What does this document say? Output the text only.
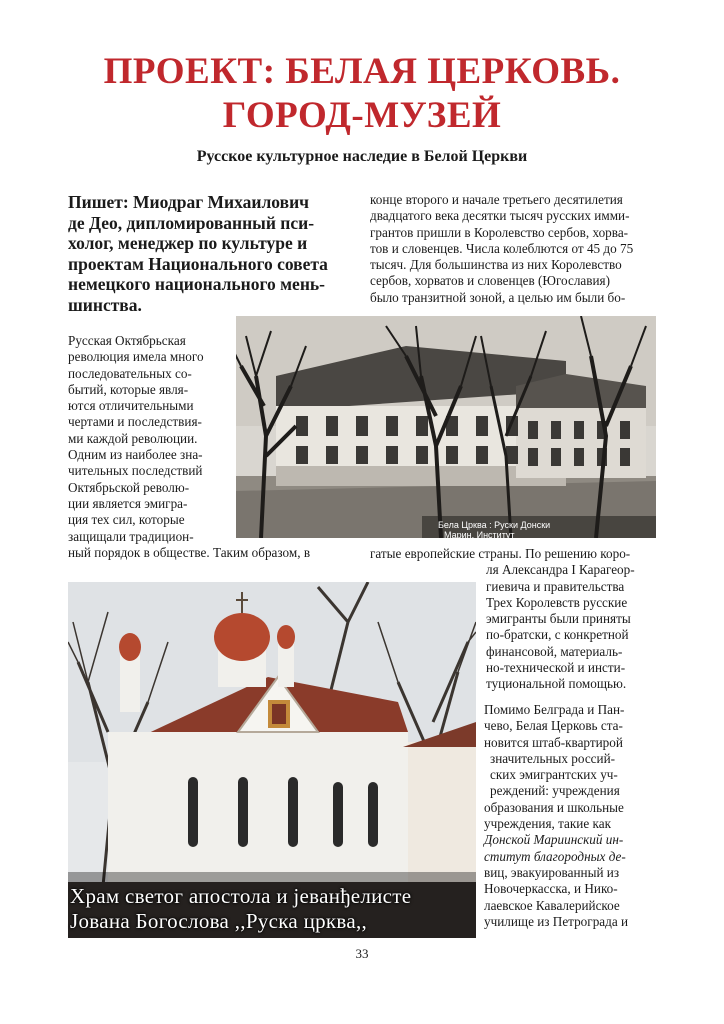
ПРОЕКТ: БЕЛАЯ ЦЕРКОВЬ.
ГОРОД-МУЗЕЙ
Русское культурное наследие в Белой Церкви
Пишет: Миодраг Михаилович
де Део, дипломированный пси-
холог, менеджер по культуре и
проектам Национального совета
немецкого национального мень-
шинства.
Русская Октябрьская
революция имела много
последовательных со-
бытий, которые явля-
ются отличительными
чертами и последствия-
ми каждой революции.
Одним из наиболее зна-
чительных последствий
Октябрьской револю-
ции является эмигра-
ция тех сил, которые
защищали традицион-
ный порядок в обществе. Таким образом, в
конце второго и начале третьего десятилетия
двадцатого века десятки тысяч русских имми-
грантов пришли в Королевство сербов, хорва-
тов и словенцев. Числа колеблются от 45 до 75
тысяч. Для большинства из них Королевство
сербов, хорватов и словенцев (Югославия)
было транзитной зоной, а целью им были бо-
Бела Црква : Руски Донски
Марин. Институт
гатые европейские страны. По решению коро-
ля Александра I Карагеор-
гиевича и правительства
Трех Королевств русские
эмигранты были приняты
по-братски, с конкретной
финансовой, материаль-
но-технической и инсти-
туциональной помощью.
Храм светог апостола и јеванђелисте
Јована Богослова ,,Руска црква,,
Помимо Белграда и Пан-
чево, Белая Церковь ста-
новится штаб-квартирой
значительных россий-
ских эмигрантских уч-
реждений: учреждения
образования и школьные
учреждения, такие как
Донской Мариинский ин-
ститут благородных де-
виц, эвакуированный из
Новочеркасска, и Нико-
лаевское Кавалерийское
училище из Петрограда и
33
